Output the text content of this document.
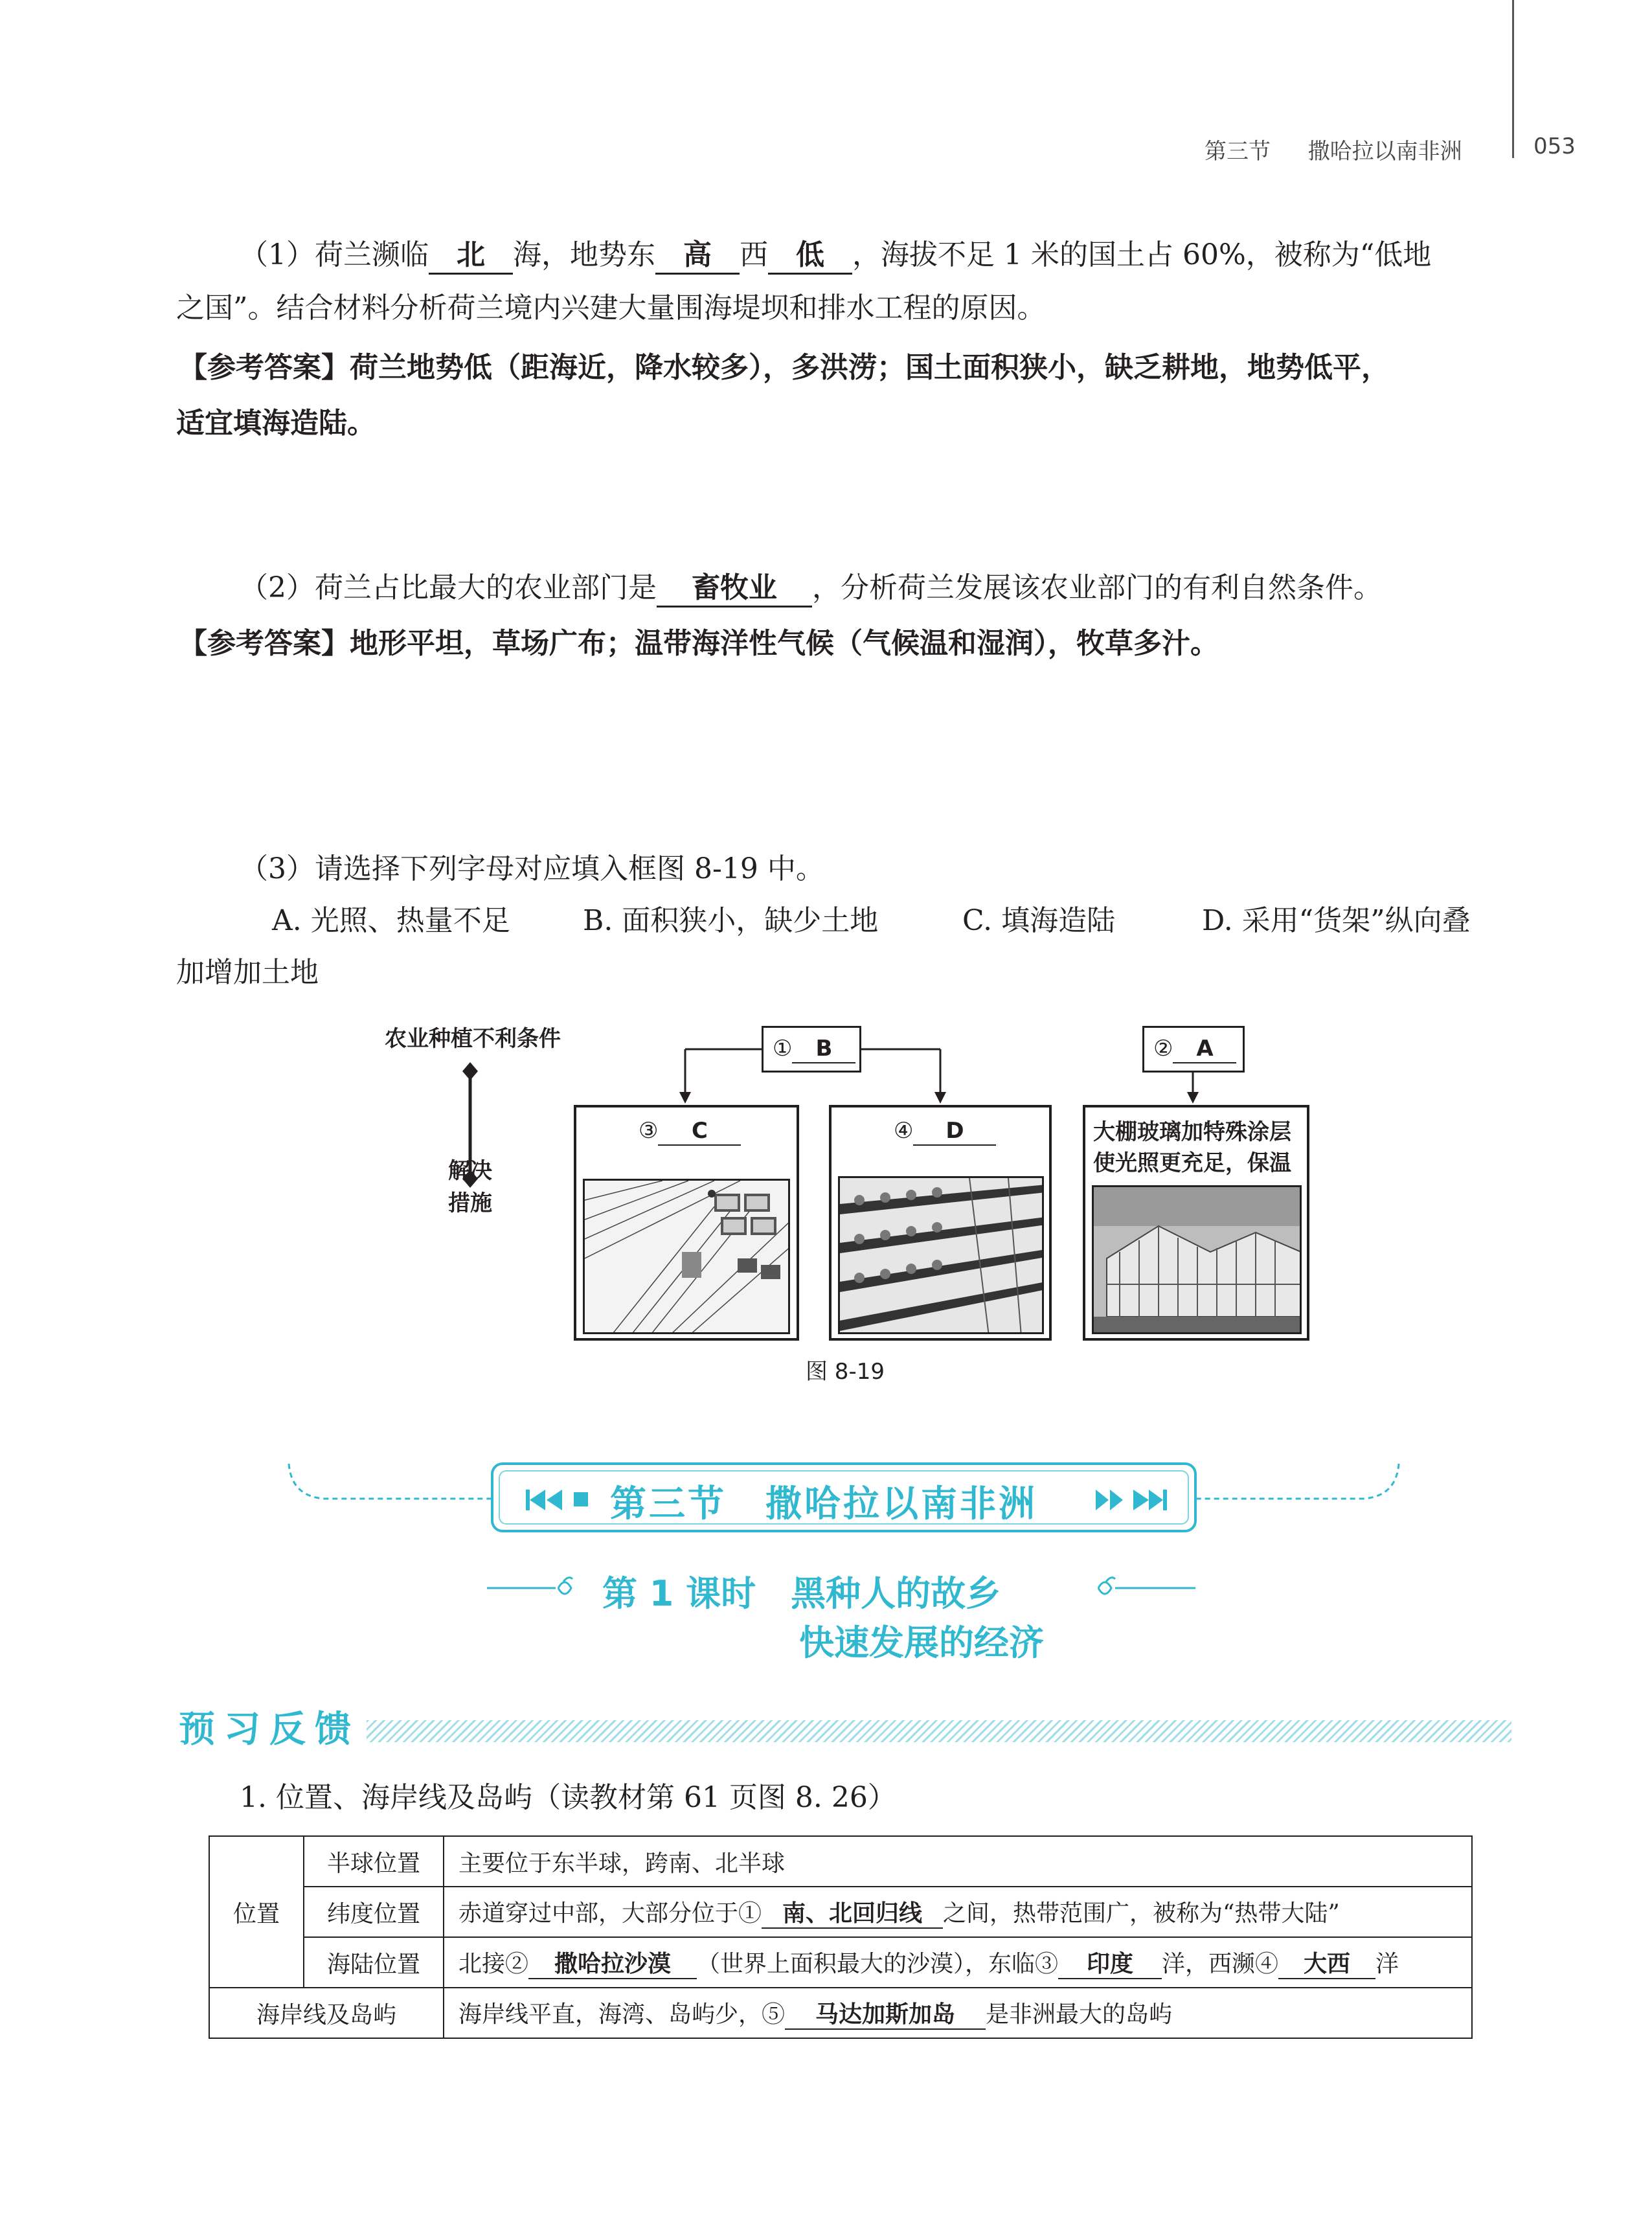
第三节 撒哈拉以南非洲	053
（1）荷兰濒临 北 海，地势东 高 西 低 ，海拔不足 1 米的国土占 60%，被称为“低地
之国”。结合材料分析荷兰境内兴建大量围海堤坝和排水工程的原因。
【参考答案】荷兰地势低（距海近，降水较多），多洪涝；国土面积狭小，缺乏耕地，地势低平，
适宜填海造陆。
（2）荷兰占比最大的农业部门是 畜牧业 ，分析荷兰发展该农业部门的有利自然条件。
【参考答案】地形平坦，草场广布；温带海洋性气候（气候温和湿润），牧草多汁。
（3）请选择下列字母对应填入框图 8-19 中。
A. 光照、热量不足	B. 面积狭小，缺少土地	C. 填海造陆	D. 采用“货架”纵向叠
加增加土地
农业种植不利条件
解决
措施
① B	② A
③ C	④ D	大棚玻璃加特殊涂层
使光照更充足，保温
图 8-19
第三节　撒哈拉以南非洲
第 1 课时　黑种人的故乡
快速发展的经济
预习反馈
1. 位置、海岸线及岛屿（读教材第 61 页图 8. 26）
位置	半球位置	主要位于东半球，跨南、北半球
	纬度位置	赤道穿过中部，大部分位于① 南、北回归线 之间，热带范围广，被称为“热带大陆”
	海陆位置	北接② 撒哈拉沙漠 （世界上面积最大的沙漠），东临③ 印度 洋，西濒④ 大西 洋
海岸线及岛屿		海岸线平直，海湾、岛屿少，⑤ 马达加斯加岛 是非洲最大的岛屿
